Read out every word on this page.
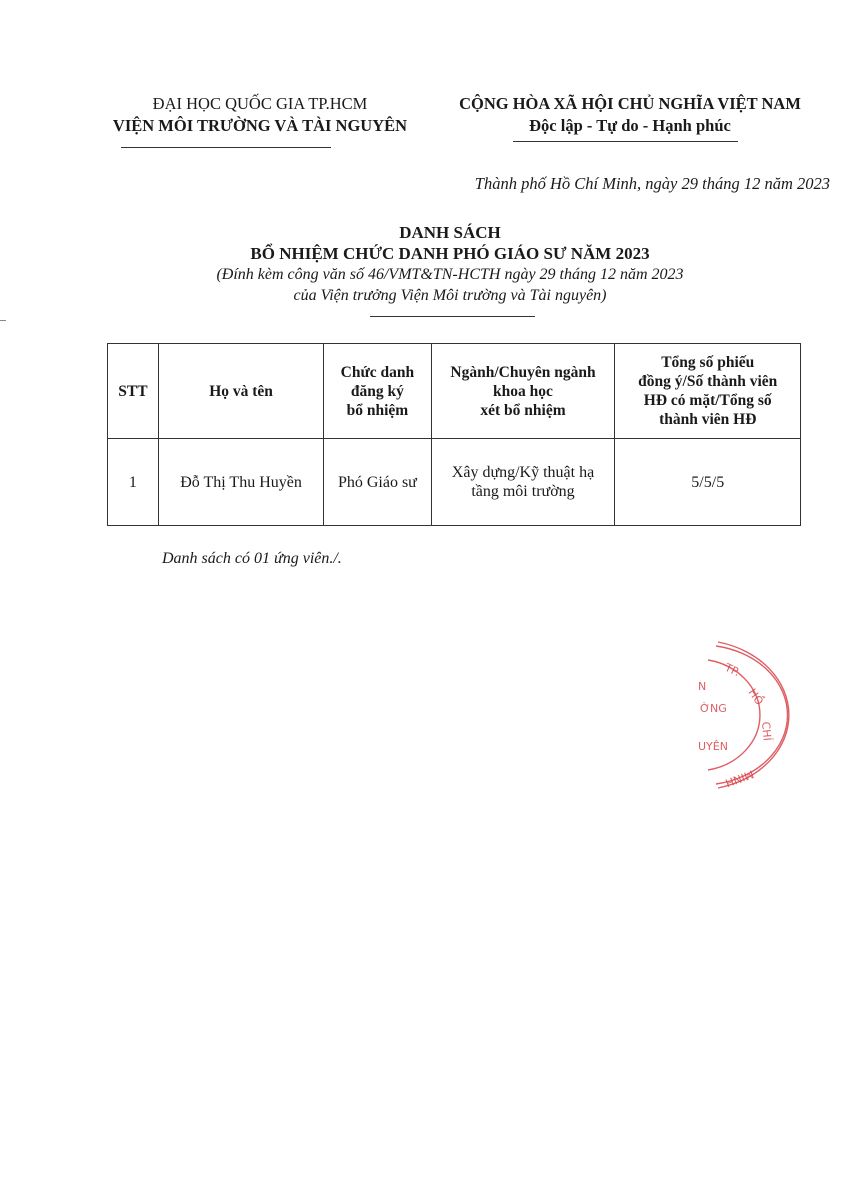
ĐẠI HỌC QUỐC GIA TP.HCM
VIỆN MÔI TRƯỜNG VÀ TÀI NGUYÊN
CỘNG HÒA XÃ HỘI CHỦ NGHĨA VIỆT NAM
Độc lập - Tự do - Hạnh phúc
Thành phố Hồ Chí Minh, ngày 29 tháng 12 năm 2023
DANH SÁCH
BỔ NHIỆM CHỨC DANH PHÓ GIÁO SƯ NĂM 2023
(Đính kèm công văn số 46/VMT&TN-HCTH ngày 29 tháng 12 năm 2023
của Viện trưởng Viện Môi trường và Tài nguyên)
STT	Họ và tên	Chức danh
đăng ký
bổ nhiệm	Ngành/Chuyên ngành
khoa học
xét bổ nhiệm	Tổng số phiếu
đồng ý/Số thành viên
HĐ có mặt/Tổng số
thành viên HĐ
1	Đỗ Thị Thu Huyền	Phó Giáo sư	Xây dựng/Kỹ thuật hạ
tầng môi trường	5/5/5
Danh sách có 01 ứng viên./.
TP.
HỒ
CHÍ
MINH
N
ỜNG
UYÊN
